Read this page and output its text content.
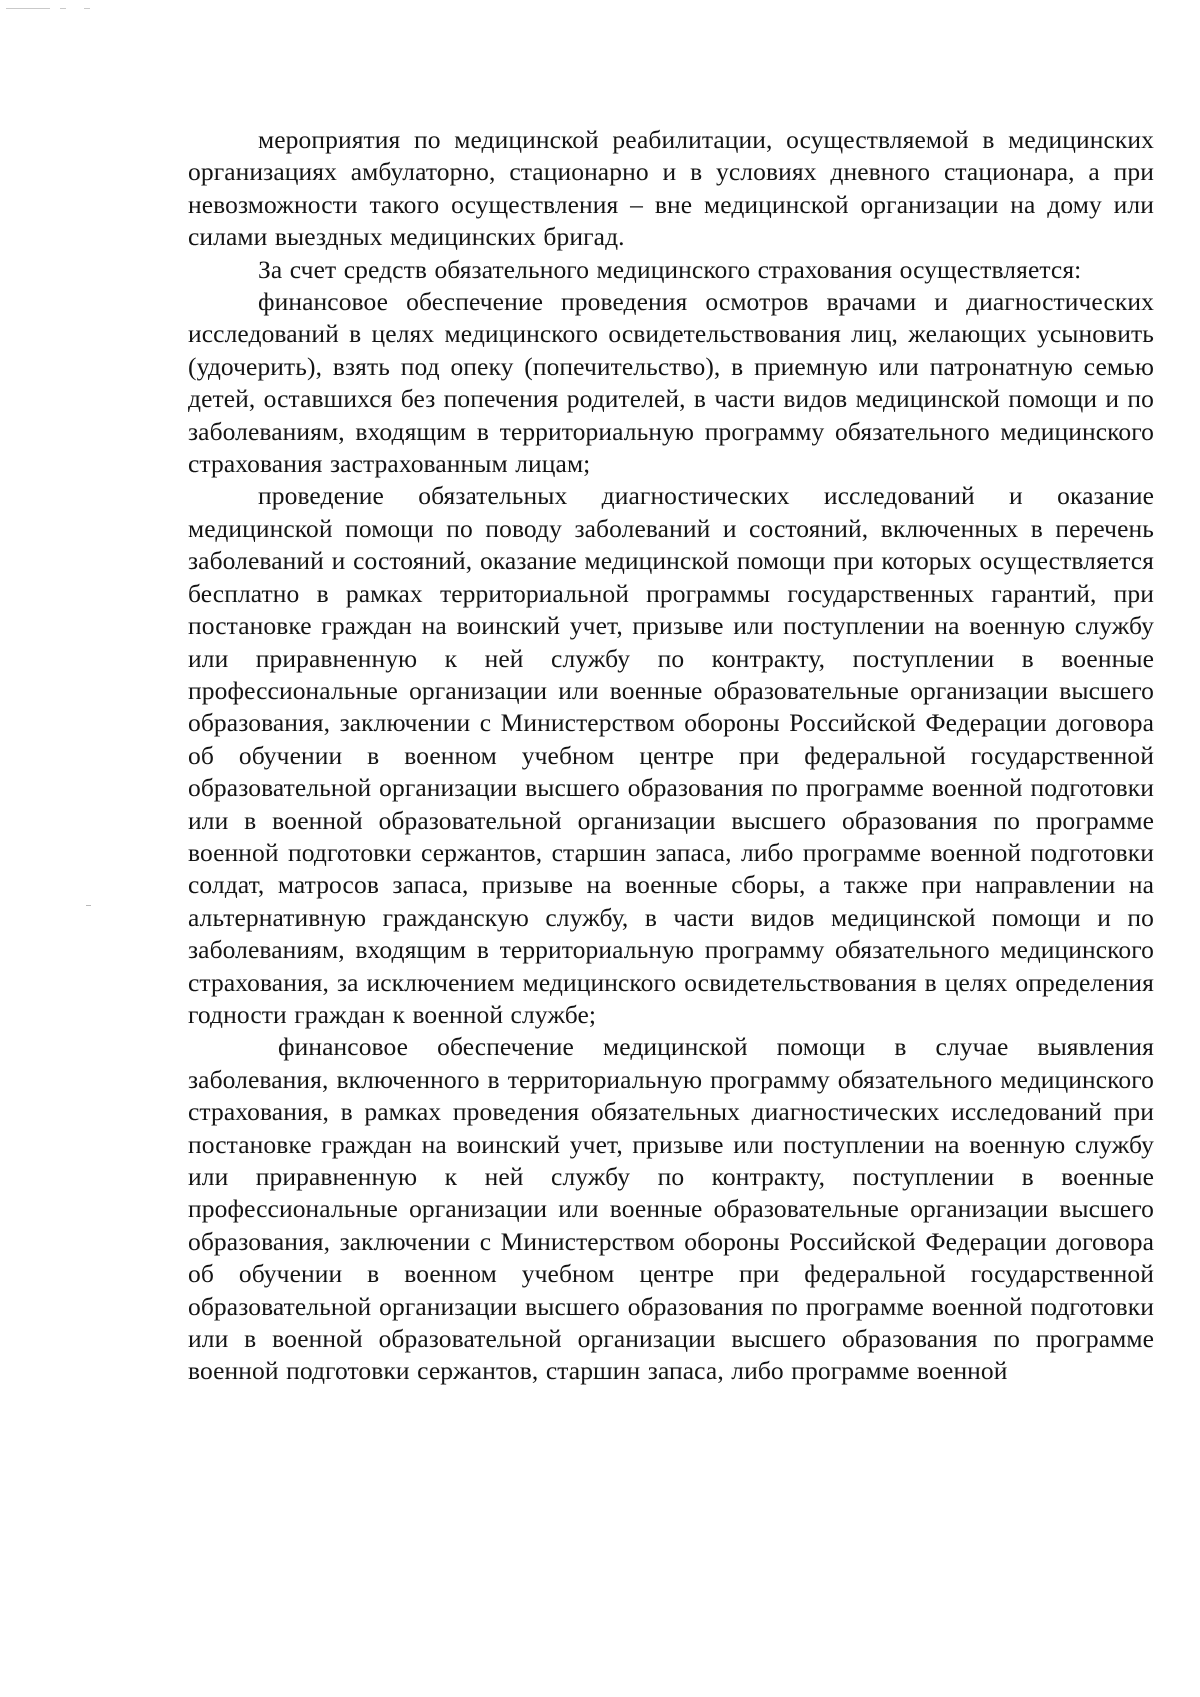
мероприятия по медицинской реабилитации, осуществляемой в медицинских организациях амбулаторно, стационарно и в условиях дневного стационара, а при невозможности такого осуществления – вне медицинской организации на дому или силами выездных медицинских бригад.

За счет средств обязательного медицинского страхования осуществляется:

финансовое обеспечение проведения осмотров врачами и диагностических исследований в целях медицинского освидетельствования лиц, желающих усыновить (удочерить), взять под опеку (попечительство), в приемную или патронатную семью детей, оставшихся без попечения родителей, в части видов медицинской помощи и по заболеваниям, входящим в территориальную программу обязательного медицинского страхования застрахованным лицам;

проведение обязательных диагностических исследований и оказание медицинской помощи по поводу заболеваний и состояний, включенных в перечень заболеваний и состояний, оказание медицинской помощи при которых осуществляется бесплатно в рамках территориальной программы государственных гарантий, при постановке граждан на воинский учет, призыве или поступлении на военную службу или приравненную к ней службу по контракту, поступлении в военные профессиональные организации или военные образовательные организации высшего образования, заключении с Министерством обороны Российской Федерации договора об обучении в военном учебном центре при федеральной государственной образовательной организации высшего образования по программе военной подготовки или в военной образовательной организации высшего образования по программе военной подготовки сержантов, старшин запаса, либо программе военной подготовки солдат, матросов запаса, призыве на военные сборы, а также при направлении на альтернативную гражданскую службу, в части видов медицинской помощи и по заболеваниям, входящим в территориальную программу обязательного медицинского страхования, за исключением медицинского освидетельствования в целях определения годности граждан к военной службе;

финансовое обеспечение медицинской помощи в случае выявления заболевания, включенного в территориальную программу обязательного медицинского страхования, в рамках проведения обязательных диагностических исследований при постановке граждан на воинский учет, призыве или поступлении на военную службу или приравненную к ней службу по контракту, поступлении в военные профессиональные организации или военные образовательные организации высшего образования, заключении с Министерством обороны Российской Федерации договора об обучении в военном учебном центре при федеральной государственной образовательной организации высшего образования по программе военной подготовки или в военной образовательной организации высшего образования по программе военной подготовки сержантов, старшин запаса, либо программе военной
